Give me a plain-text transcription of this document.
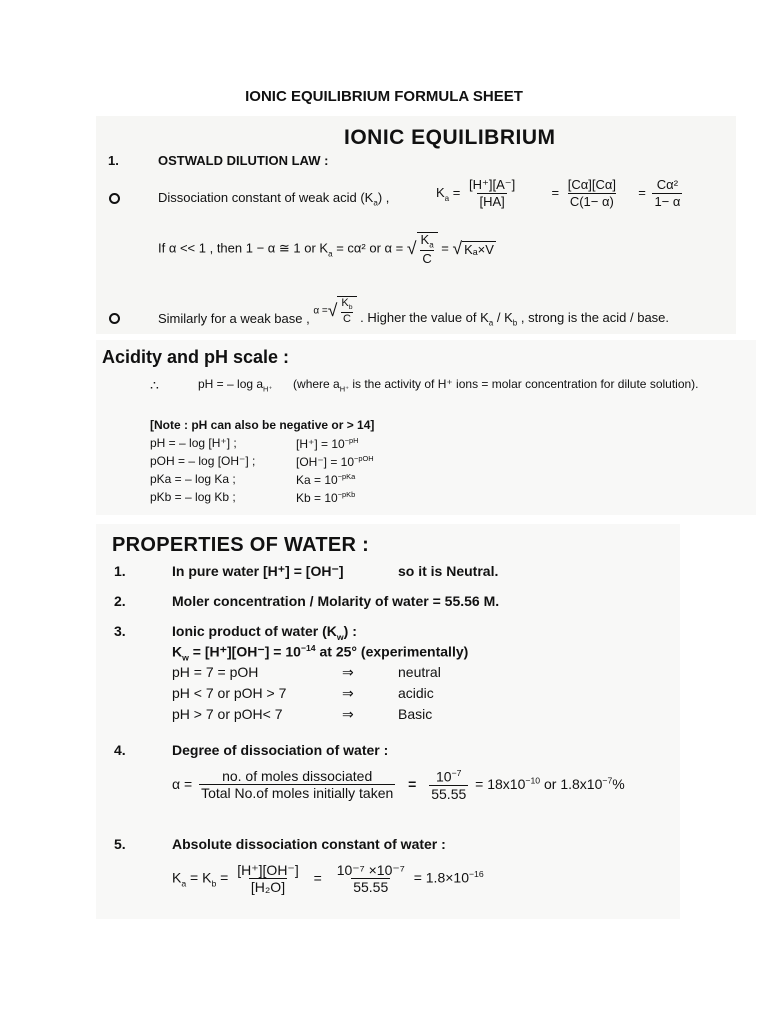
IONIC EQUILIBRIUM FORMULA SHEET
IONIC EQUILIBRIUM
1.	OSTWALD DILUTION LAW :
Dissociation constant of weak acid $(K_a)$ ,	$K_a = \frac{[H^+][A^-]}{[HA]}$	= $\frac{[C\alpha][C\alpha]}{C(1- \alpha)} = \frac{\text{Cα²}}{1- \alpha}$
If α << 1 , then 1 − α ≅ 1 or $K_a = c\alpha^2$ or α = √ $\frac{K_a}{C}$ = √ Kₐ×V
Similarly for a weak base , α =√ $\frac{K_b}{C}$ . Higher the value of $K_a / K_b$ , strong is the acid / base.
Acidity and pH scale :
∴	pH = – $\log a_{H^+}$ (where $a_{H^+}$ is the activity of H⁺ ions = molar concentration for dilute solution).
[Note : pH can also be negative or > 14]
pH = – log [H⁺] ;	$[H^+] = 10^{-pH}$
pOH = – log [OH⁻] ;	$[OH^-] = 10^{-pOH}$
pKa = – log Ka ;	$Ka = 10^{-pKa}$
pKb = – log Kb ;	$Kb = 10^{-pKb}$
PROPERTIES OF WATER :
1.	In pure water [H⁺] = [OH⁻]	so it is Neutral.
2.	Moler concentration / Molarity of water = 55.56 M.
3.	Ionic product of water $(K_w)$ :
$K_w = [H^+][OH^-] = 10^{-14}$ at 25° (experimentally)
pH = 7 = pOH	⇒	neutral
pH < 7 or pOH > 7	⇒	acidic
pH > 7 or pOH< 7	⇒	Basic
4.	Degree of dissociation of water :
$\alpha = \frac{\text{no. of moles dissociated}}{\text{Total No.of moles initially taken}} = \frac{10^{-7}}{55.55} = 18x10^{-10}$ or $1.8x10^{-7}\%$
5.	Absolute dissociation constant of water :
$K_a = K_b = \frac{[H^+][OH^-]}{\text{[H₂O]}} = \frac{\text{10⁻⁷ ×10⁻⁷}}{55.55} = 1.8\times 10^{-16}$
